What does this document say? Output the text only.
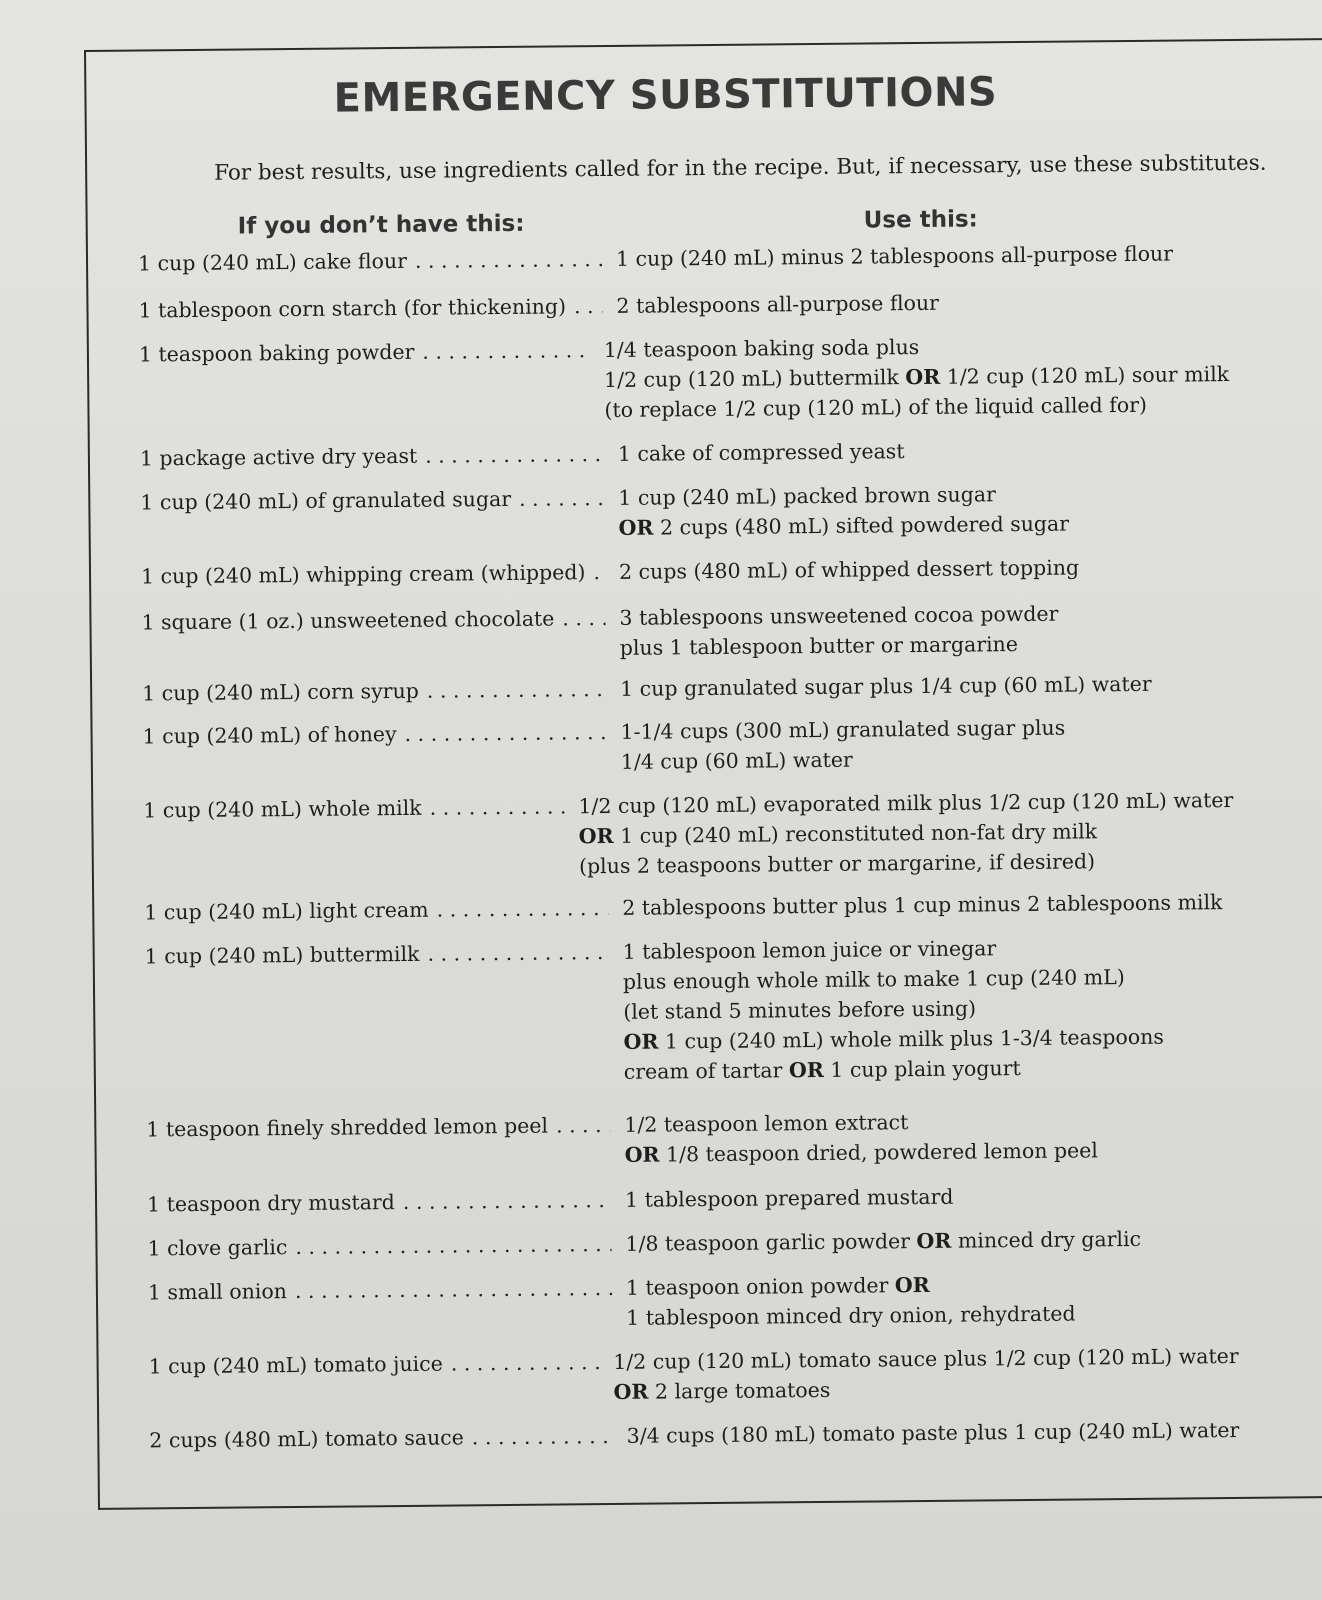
EMERGENCY SUBSTITUTIONS

For best results, use ingredients called for in the recipe. But, if necessary, use these substitutes.

If you don’t have this:	Use this:
1 cup (240 mL) cake flour . . .	1 cup (240 mL) minus 2 tablespoons all-purpose flour
1 tablespoon corn starch (for thickening) . . . 2 tablespoons all-purpose flour
1 teaspoon baking powder . . .	1/4 teaspoon baking soda plus
1/2 cup (120 mL) buttermilk OR 1/2 cup (120 mL) sour milk
(to replace 1/2 cup (120 mL) of the liquid called for)
1 package active dry yeast . . .	1 cake of compressed yeast
1 cup (240 mL) of granulated sugar . . .	1 cup (240 mL) packed brown sugar
OR 2 cups (480 mL) sifted powdered sugar
1 cup (240 mL) whipping cream (whipped) . . . 2 cups (480 mL) of whipped dessert topping
1 square (1 oz.) unsweetened chocolate . . .	3 tablespoons unsweetened cocoa powder
plus 1 tablespoon butter or margarine
1 cup (240 mL) corn syrup . . .	1 cup granulated sugar plus 1/4 cup (60 mL) water
1 cup (240 mL) of honey . . .	1-1/4 cups (300 mL) granulated sugar plus
1/4 cup (60 mL) water
1 cup (240 mL) whole milk . . .	1/2 cup (120 mL) evaporated milk plus 1/2 cup (120 mL) water
OR 1 cup (240 mL) reconstituted non-fat dry milk
(plus 2 teaspoons butter or margarine, if desired)
1 cup (240 mL) light cream . . .	2 tablespoons butter plus 1 cup minus 2 tablespoons milk
1 cup (240 mL) buttermilk . . .	1 tablespoon lemon juice or vinegar
plus enough whole milk to make 1 cup (240 mL)
(let stand 5 minutes before using)
OR 1 cup (240 mL) whole milk plus 1-3/4 teaspoons
cream of tartar OR 1 cup plain yogurt
1 teaspoon finely shredded lemon peel . . .	1/2 teaspoon lemon extract
OR 1/8 teaspoon dried, powdered lemon peel
1 teaspoon dry mustard . . .	1 tablespoon prepared mustard
1 clove garlic . . .	1/8 teaspoon garlic powder OR minced dry garlic
1 small onion . . .	1 teaspoon onion powder OR
1 tablespoon minced dry onion, rehydrated
1 cup (240 mL) tomato juice . . .	1/2 cup (120 mL) tomato sauce plus 1/2 cup (120 mL) water
OR 2 large tomatoes
2 cups (480 mL) tomato sauce . . .	3/4 cups (180 mL) tomato paste plus 1 cup (240 mL) water
